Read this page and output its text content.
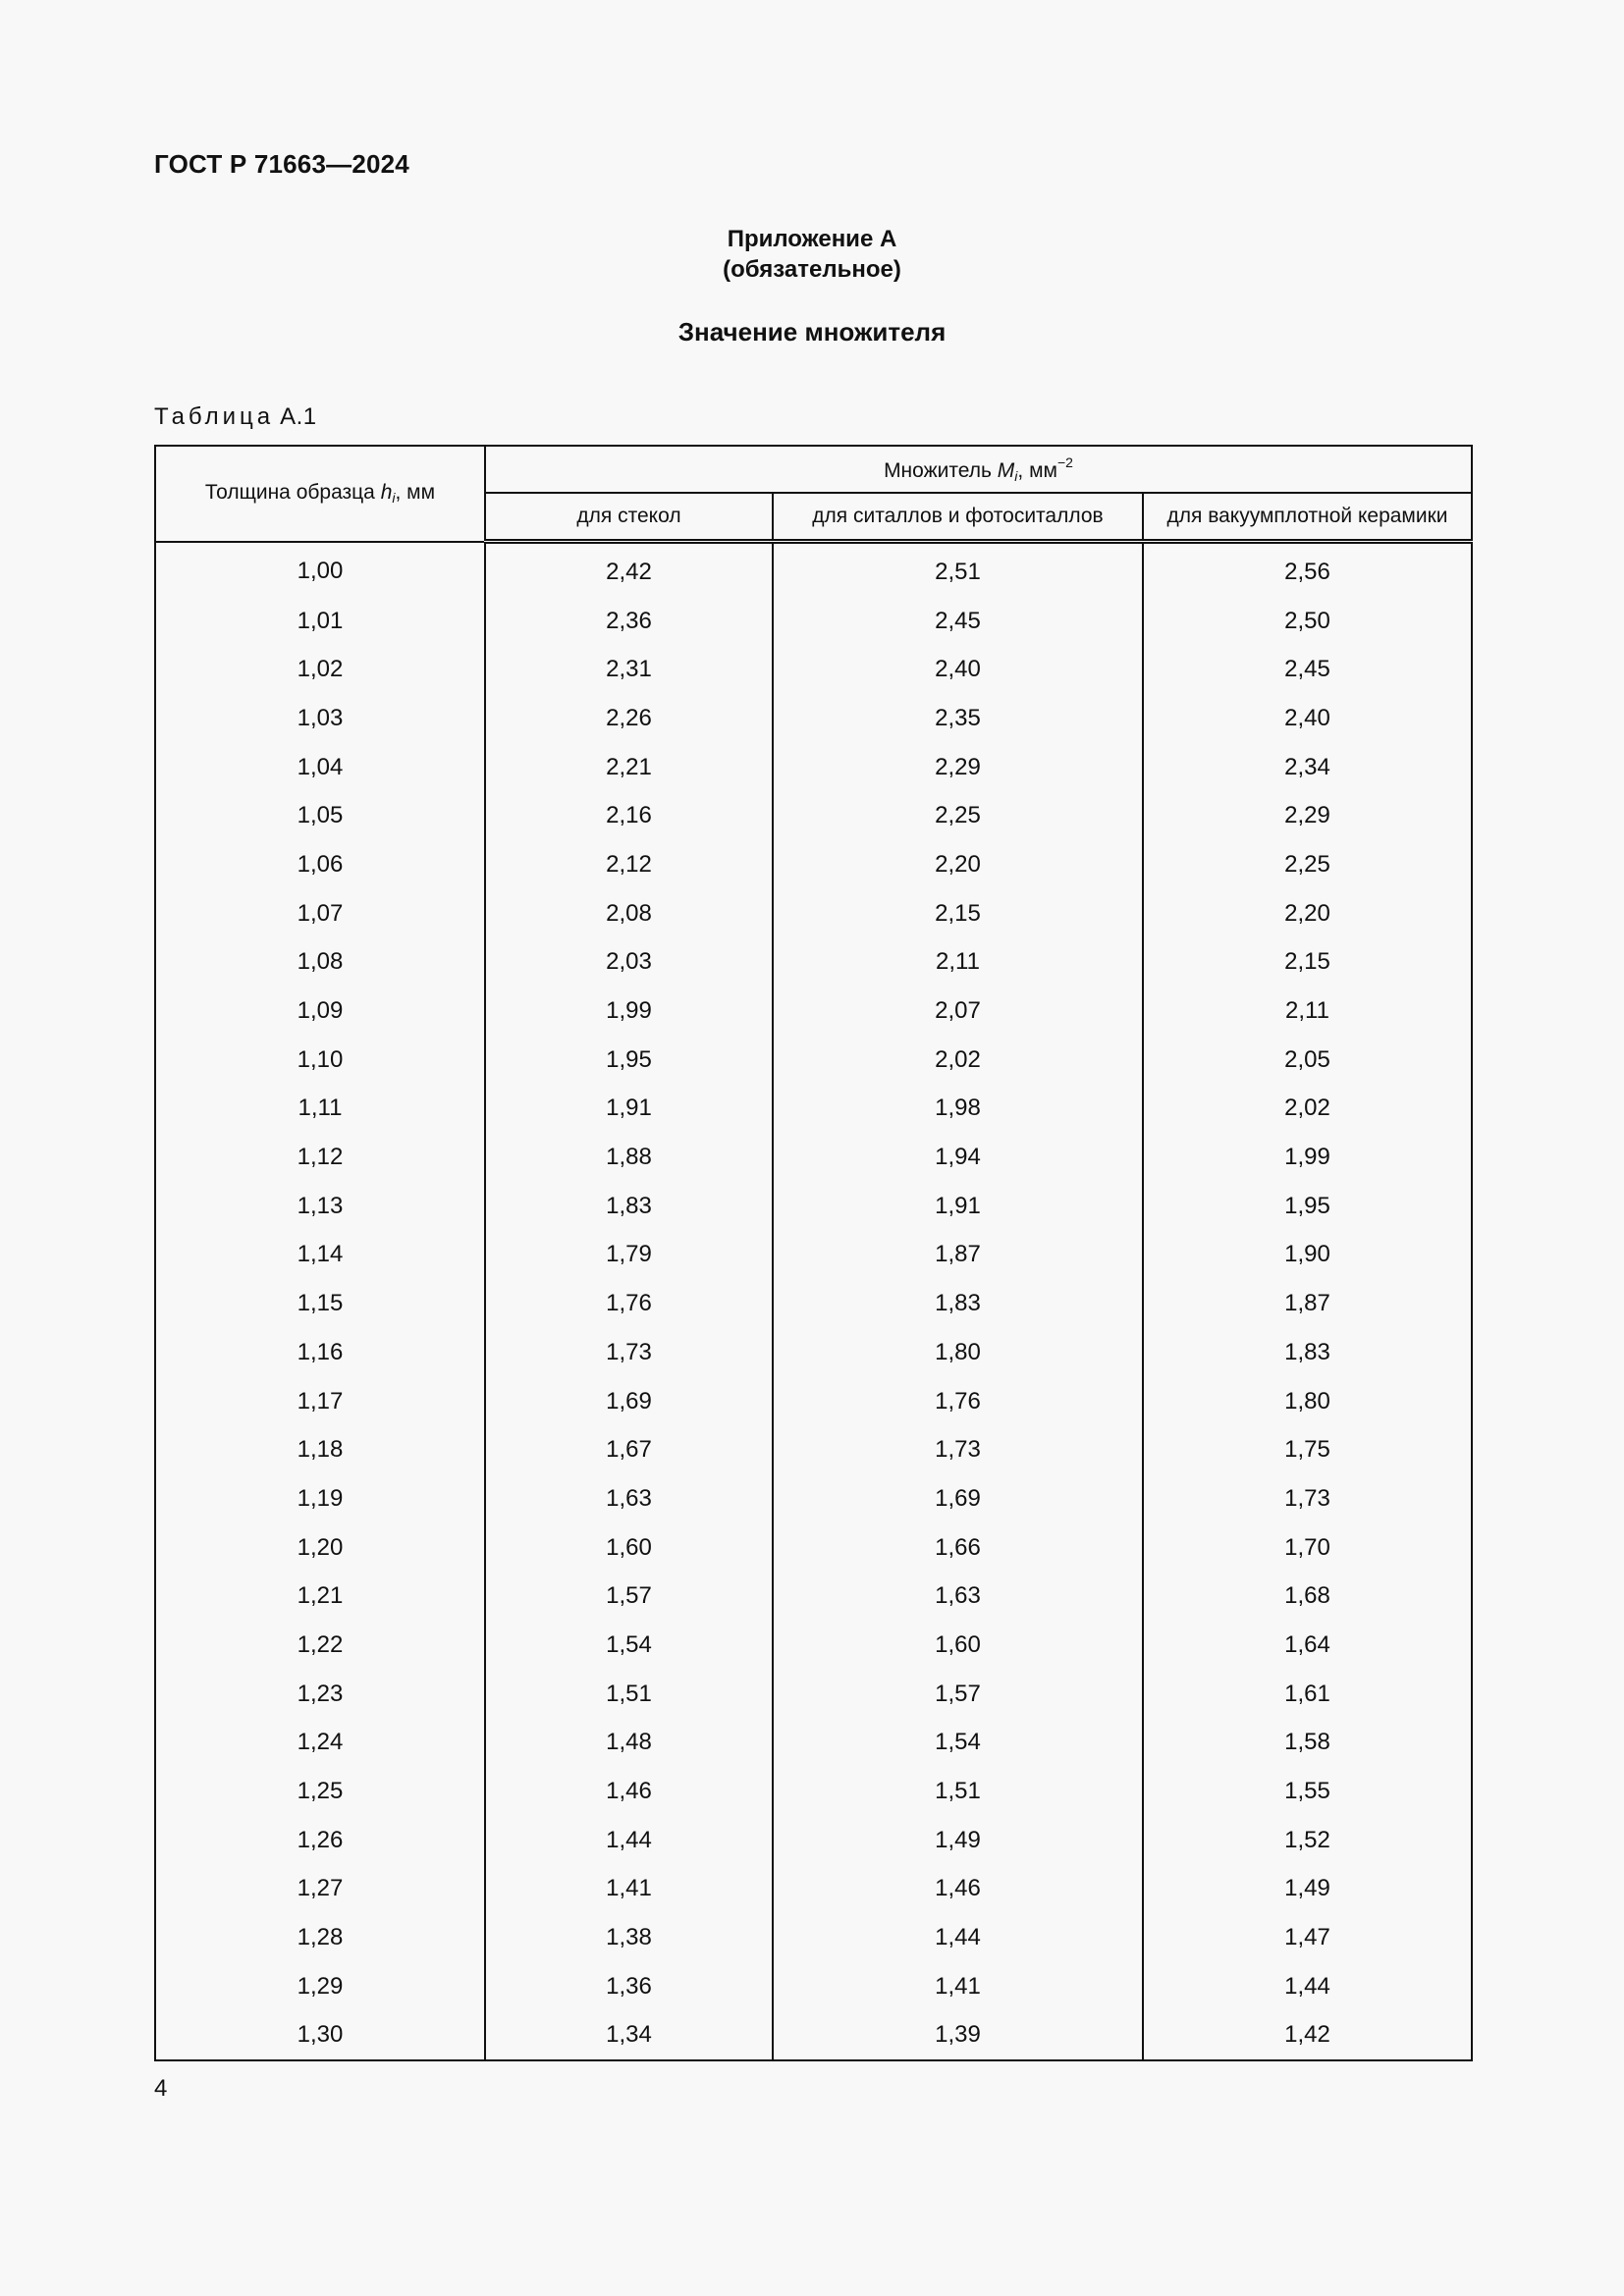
ГОСТ Р 71663—2024
Приложение А
(обязательное)
Значение множителя
Таблица А.1
Толщина образца $h_i$, мм	Множитель $M_i$, $мм^{-2}$
	для стекол	для ситаллов и фотоситаллов	для вакуумплотной керамики
1,00	2,42	2,51	2,56
1,01	2,36	2,45	2,50
1,02	2,31	2,40	2,45
1,03	2,26	2,35	2,40
1,04	2,21	2,29	2,34
1,05	2,16	2,25	2,29
1,06	2,12	2,20	2,25
1,07	2,08	2,15	2,20
1,08	2,03	2,11	2,15
1,09	1,99	2,07	2,11
1,10	1,95	2,02	2,05
1,11	1,91	1,98	2,02
1,12	1,88	1,94	1,99
1,13	1,83	1,91	1,95
1,14	1,79	1,87	1,90
1,15	1,76	1,83	1,87
1,16	1,73	1,80	1,83
1,17	1,69	1,76	1,80
1,18	1,67	1,73	1,75
1,19	1,63	1,69	1,73
1,20	1,60	1,66	1,70
1,21	1,57	1,63	1,68
1,22	1,54	1,60	1,64
1,23	1,51	1,57	1,61
1,24	1,48	1,54	1,58
1,25	1,46	1,51	1,55
1,26	1,44	1,49	1,52
1,27	1,41	1,46	1,49
1,28	1,38	1,44	1,47
1,29	1,36	1,41	1,44
1,30	1,34	1,39	1,42
4
